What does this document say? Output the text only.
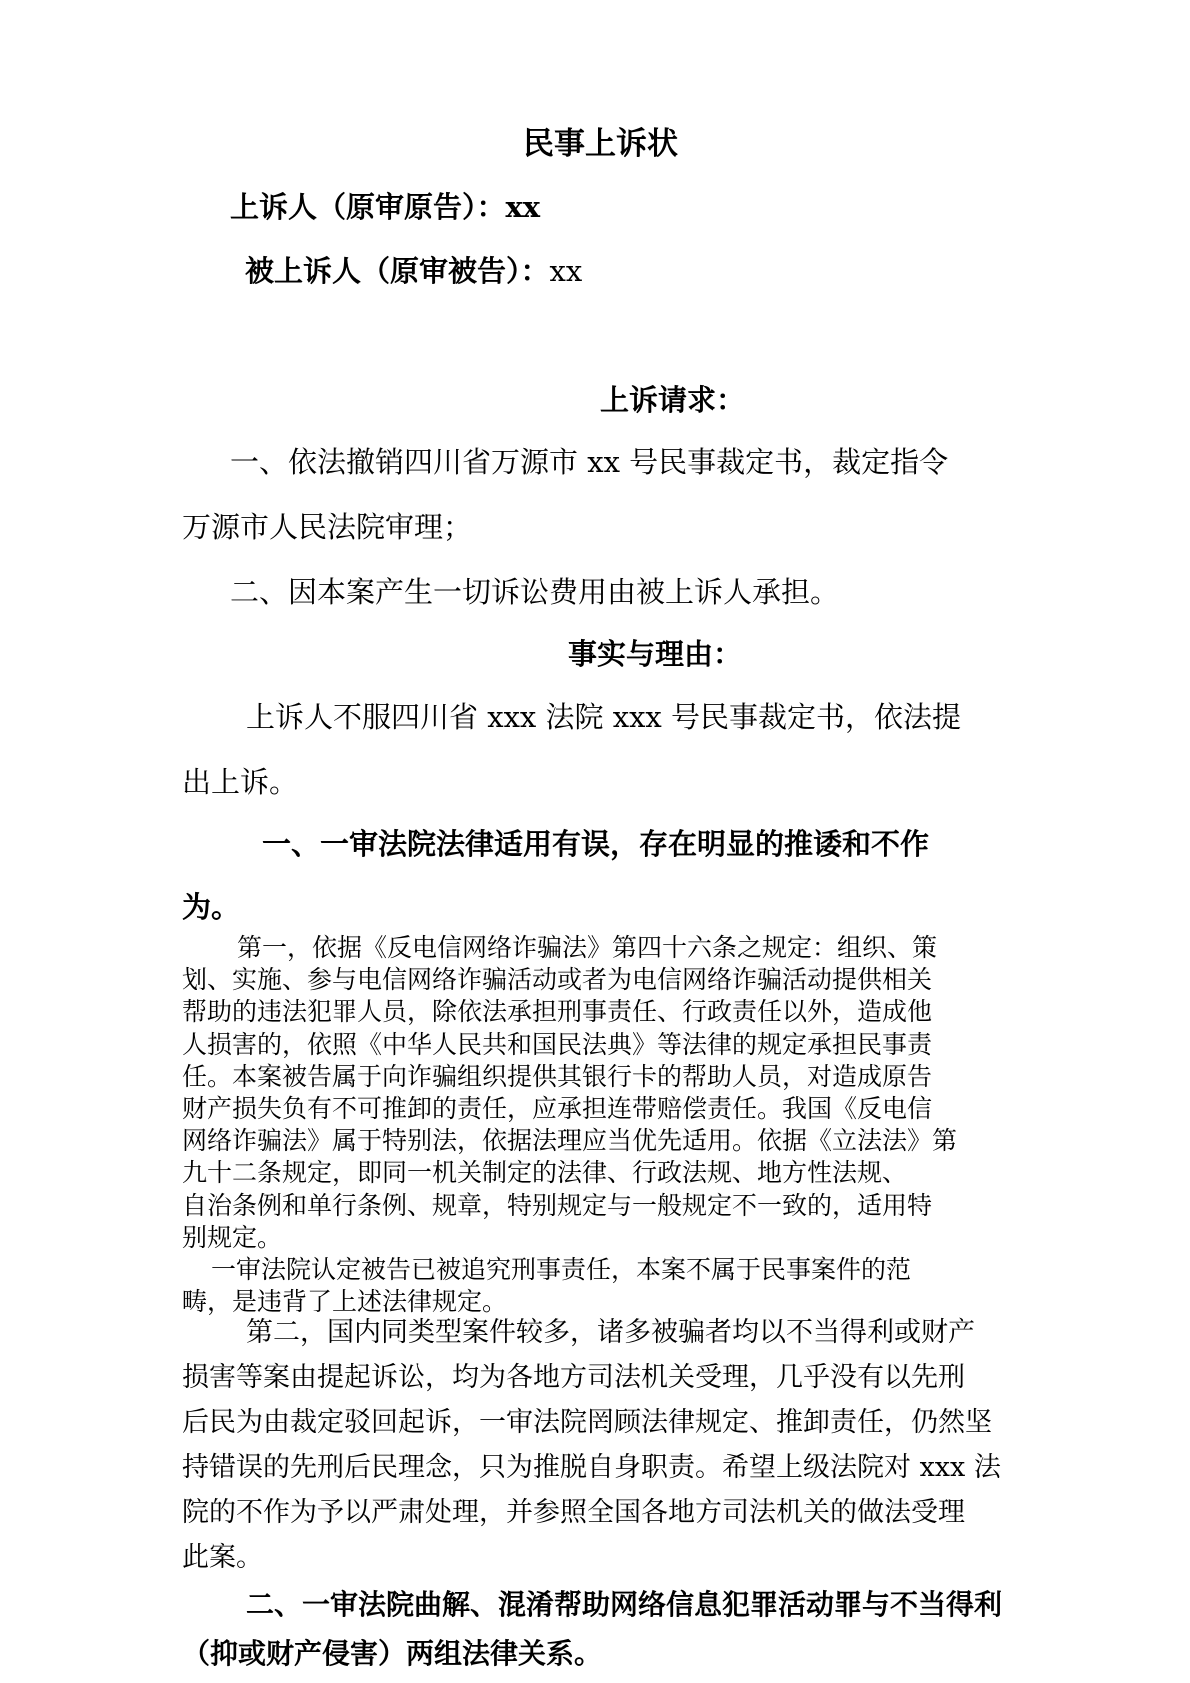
民事上诉状
上诉人（原审原告）：xx
被上诉人（原审被告）：xx
上诉请求：
一、依法撤销四川省万源市 xx 号民事裁定书，裁定指令
万源市人民法院审理；
二、因本案产生一切诉讼费用由被上诉人承担。
事实与理由：
上诉人不服四川省 xxx 法院 xxx 号民事裁定书，依法提
出上诉。
一、一审法院法律适用有误，存在明显的推诿和不作
为。
第一，依据《反电信网络诈骗法》第四十六条之规定：组织、策
划、实施、参与电信网络诈骗活动或者为电信网络诈骗活动提供相关
帮助的违法犯罪人员，除依法承担刑事责任、行政责任以外，造成他
人损害的，依照《中华人民共和国民法典》等法律的规定承担民事责
任。本案被告属于向诈骗组织提供其银行卡的帮助人员，对造成原告
财产损失负有不可推卸的责任，应承担连带赔偿责任。我国《反电信
网络诈骗法》属于特别法，依据法理应当优先适用。依据《立法法》第
九十二条规定，即同一机关制定的法律、行政法规、地方性法规、
自治条例和单行条例、规章，特别规定与一般规定不一致的，适用特
别规定。
一审法院认定被告已被追究刑事责任，本案不属于民事案件的范
畴，是违背了上述法律规定。
第二，国内同类型案件较多，诸多被骗者均以不当得利或财产
损害等案由提起诉讼，均为各地方司法机关受理，几乎没有以先刑
后民为由裁定驳回起诉，一审法院罔顾法律规定、推卸责任，仍然坚
持错误的先刑后民理念，只为推脱自身职责。希望上级法院对 xxx 法
院的不作为予以严肃处理，并参照全国各地方司法机关的做法受理
此案。
二、一审法院曲解、混淆帮助网络信息犯罪活动罪与不当得利
（抑或财产侵害）两组法律关系。
